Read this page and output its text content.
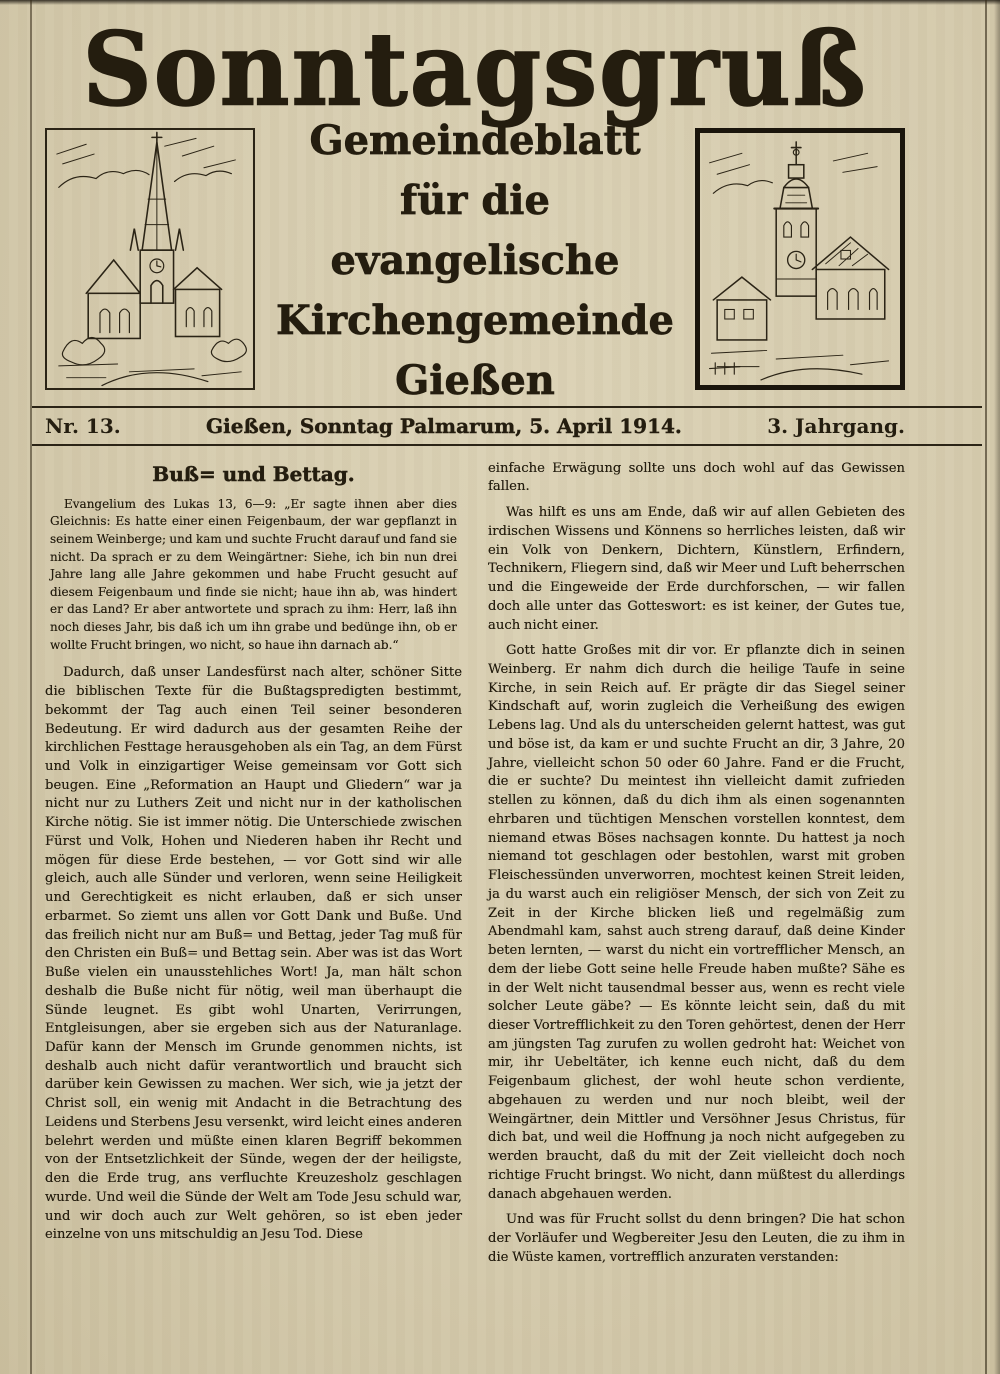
Sonntagsgruß
Gemeindeblatt
für die evangelische
Kirchengemeinde
Gießen
Nr. 13.	Gießen, Sonntag Palmarum, 5. April 1914.	3. Jahrgang.
Buß= und Bettag.

Evangelium des Lukas 13, 6—9: „Er sagte ihnen aber dies Gleichnis: Es hatte einer einen Feigenbaum, der war gepflanzt in seinem Weinberge; und kam und suchte Frucht darauf und fand sie nicht. Da sprach er zu dem Weingärtner: Siehe, ich bin nun drei Jahre lang alle Jahre gekommen und habe Frucht gesucht auf diesem Feigenbaum und finde sie nicht; haue ihn ab, was hindert er das Land? Er aber antwortete und sprach zu ihm: Herr, laß ihn noch dieses Jahr, bis daß ich um ihn grabe und bedünge ihn, ob er wollte Frucht bringen, wo nicht, so haue ihn darnach ab.“

Dadurch, daß unser Landesfürst nach alter, schöner Sitte die biblischen Texte für die Bußtagspredigten bestimmt, bekommt der Tag auch einen Teil seiner besonderen Bedeutung. Er wird dadurch aus der gesamten Reihe der kirchlichen Festtage herausgehoben als ein Tag, an dem Fürst und Volk in einzigartiger Weise gemeinsam vor Gott sich beugen. Eine „Reformation an Haupt und Gliedern“ war ja nicht nur zu Luthers Zeit und nicht nur in der katholischen Kirche nötig. Sie ist immer nötig. Die Unterschiede zwischen Fürst und Volk, Hohen und Niederen haben ihr Recht und mögen für diese Erde bestehen, — vor Gott sind wir alle gleich, auch alle Sünder und verloren, wenn seine Heiligkeit und Gerechtigkeit es nicht erlauben, daß er sich unser erbarmet. So ziemt uns allen vor Gott Dank und Buße. Und das freilich nicht nur am Buß= und Bettag, jeder Tag muß für den Christen ein Buß= und Bettag sein. Aber was ist das Wort Buße vielen ein unausstehliches Wort! Ja, man hält schon deshalb die Buße nicht für nötig, weil man überhaupt die Sünde leugnet. Es gibt wohl Unarten, Verirrungen, Entgleisungen, aber sie ergeben sich aus der Naturanlage. Dafür kann der Mensch im Grunde genommen nichts, ist deshalb auch nicht dafür verantwortlich und braucht sich darüber kein Gewissen zu machen. Wer sich, wie ja jetzt der Christ soll, ein wenig mit Andacht in die Betrachtung des Leidens und Sterbens Jesu versenkt, wird leicht eines anderen belehrt werden und müßte einen klaren Begriff bekommen von der Entsetzlichkeit der Sünde, wegen der der heiligste, den die Erde trug, ans verfluchte Kreuzesholz geschlagen wurde. Und weil die Sünde der Welt am Tode Jesu schuld war, und wir doch auch zur Welt gehören, so ist eben jeder einzelne von uns mitschuldig an Jesu Tod. Diese

einfache Erwägung sollte uns doch wohl auf das Gewissen fallen.

Was hilft es uns am Ende, daß wir auf allen Gebieten des irdischen Wissens und Könnens so herrliches leisten, daß wir ein Volk von Denkern, Dichtern, Künstlern, Erfindern, Technikern, Fliegern sind, daß wir Meer und Luft beherrschen und die Eingeweide der Erde durchforschen, — wir fallen doch alle unter das Gotteswort: es ist keiner, der Gutes tue, auch nicht einer.

Gott hatte Großes mit dir vor. Er pflanzte dich in seinen Weinberg. Er nahm dich durch die heilige Taufe in seine Kirche, in sein Reich auf. Er prägte dir das Siegel seiner Kindschaft auf, worin zugleich die Verheißung des ewigen Lebens lag. Und als du unterscheiden gelernt hattest, was gut und böse ist, da kam er und suchte Frucht an dir, 3 Jahre, 20 Jahre, vielleicht schon 50 oder 60 Jahre. Fand er die Frucht, die er suchte? Du meintest ihn vielleicht damit zufrieden stellen zu können, daß du dich ihm als einen sogenannten ehrbaren und tüchtigen Menschen vorstellen konntest, dem niemand etwas Böses nachsagen konnte. Du hattest ja noch niemand tot geschlagen oder bestohlen, warst mit groben Fleischessünden unverworren, mochtest keinen Streit leiden, ja du warst auch ein religiöser Mensch, der sich von Zeit zu Zeit in der Kirche blicken ließ und regelmäßig zum Abendmahl kam, sahst auch streng darauf, daß deine Kinder beten lernten, — warst du nicht ein vortrefflicher Mensch, an dem der liebe Gott seine helle Freude haben mußte? Sähe es in der Welt nicht tausendmal besser aus, wenn es recht viele solcher Leute gäbe? — Es könnte leicht sein, daß du mit dieser Vortrefflichkeit zu den Toren gehörtest, denen der Herr am jüngsten Tag zurufen zu wollen gedroht hat: Weichet von mir, ihr Uebeltäter, ich kenne euch nicht, daß du dem Feigenbaum glichest, der wohl heute schon verdiente, abgehauen zu werden und nur noch bleibt, weil der Weingärtner, dein Mittler und Versöhner Jesus Christus, für dich bat, und weil die Hoffnung ja noch nicht aufgegeben zu werden braucht, daß du mit der Zeit vielleicht doch noch richtige Frucht bringst. Wo nicht, dann müßtest du allerdings danach abgehauen werden.

Und was für Frucht sollst du denn bringen? Die hat schon der Vorläufer und Wegbereiter Jesu den Leuten, die zu ihm in die Wüste kamen, vortrefflich anzuraten verstanden:
